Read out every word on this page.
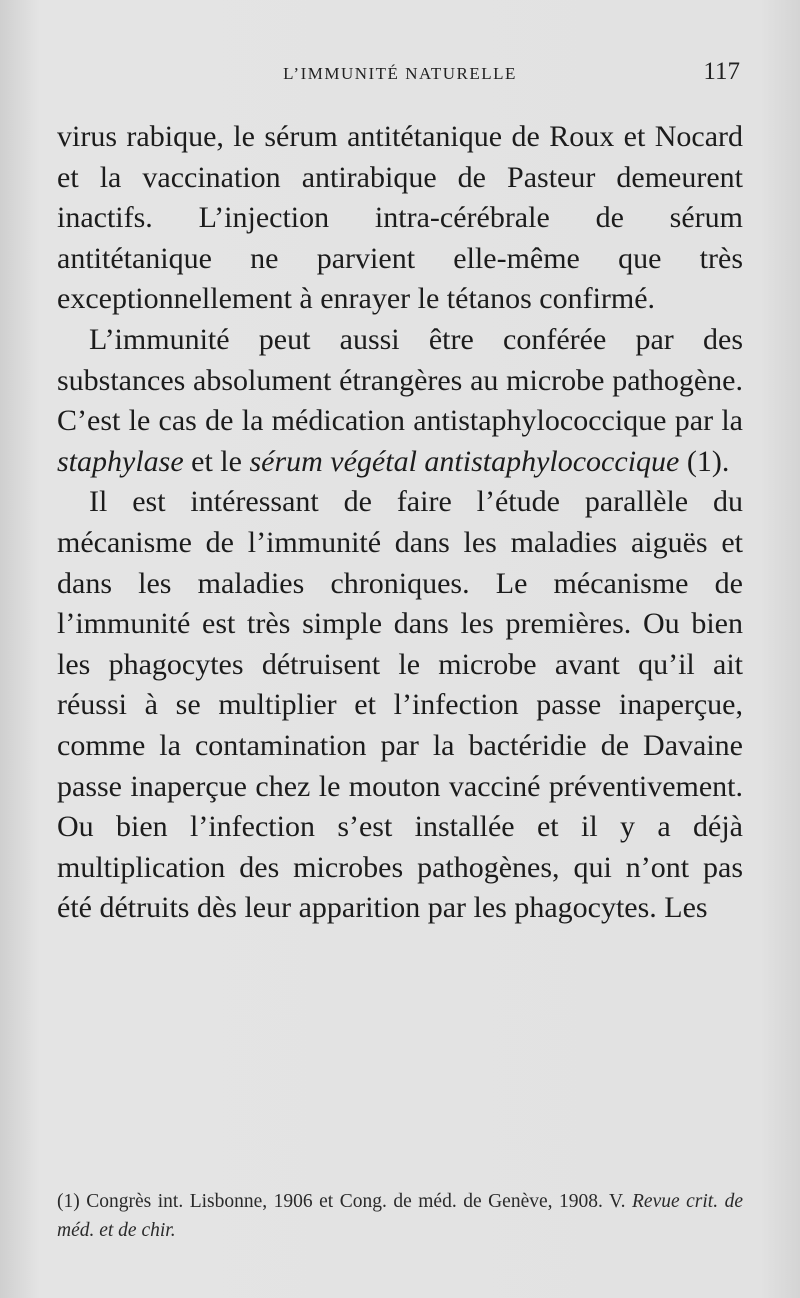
L’IMMUNITÉ NATURELLE	117

virus rabique, le sérum antitétanique de Roux et Nocard et la vaccination antirabique de Pasteur demeurent inactifs. L’injection intra-cérébrale de sérum antitétanique ne parvient elle-même que très exceptionnellement à enrayer le tétanos confirmé.

L’immunité peut aussi être conférée par des substances absolument étrangères au microbe pathogène. C’est le cas de la médication antistaphylococcique par la staphylase et le sérum végétal antistaphylococcique (1).

Il est intéressant de faire l’étude parallèle du mécanisme de l’immunité dans les maladies aiguës et dans les maladies chroniques. Le mécanisme de l’immunité est très simple dans les premières. Ou bien les phagocytes détruisent le microbe avant qu’il ait réussi à se multiplier et l’infection passe inaperçue, comme la contamination par la bactéridie de Davaine passe inaperçue chez le mouton vacciné préventivement. Ou bien l’infection s’est installée et il y a déjà multiplication des microbes pathogènes, qui n’ont pas été détruits dès leur apparition par les phagocytes. Les

(1) Congrès int. Lisbonne, 1906 et Cong. de méd. de Genève, 1908. V. Revue crit. de méd. et de chir.
